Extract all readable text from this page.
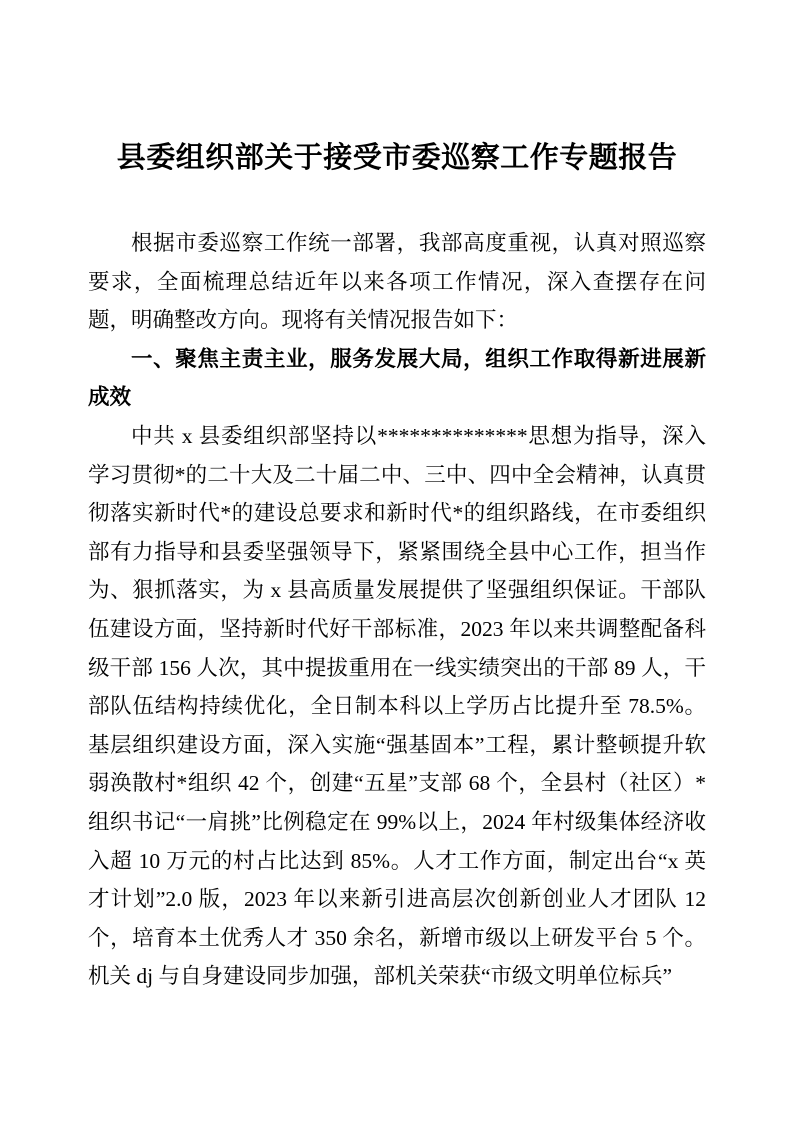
县委组织部关于接受市委巡察工作专题报告

根据市委巡察工作统一部署，我部高度重视，认真对照巡察要求，全面梳理总结近年以来各项工作情况，深入查摆存在问题，明确整改方向。现将有关情况报告如下：

一、聚焦主责主业，服务发展大局，组织工作取得新进展新成效

中共 x 县委组织部坚持以**************思想为指导，深入学习贯彻*的二十大及二十届二中、三中、四中全会精神，认真贯彻落实新时代*的建设总要求和新时代*的组织路线，在市委组织部有力指导和县委坚强领导下，紧紧围绕全县中心工作，担当作为、狠抓落实，为 x 县高质量发展提供了坚强组织保证。干部队伍建设方面，坚持新时代好干部标准，2023 年以来共调整配备科级干部 156 人次，其中提拔重用在一线实绩突出的干部 89 人，干部队伍结构持续优化，全日制本科以上学历占比提升至 78.5%。基层组织建设方面，深入实施“强基固本”工程，累计整顿提升软弱涣散村*组织 42 个，创建“五星”支部 68 个，全县村（社区）*组织书记“一肩挑”比例稳定在 99%以上，2024 年村级集体经济收入超 10 万元的村占比达到 85%。人才工作方面，制定出台“x 英才计划”2.0 版，2023 年以来新引进高层次创新创业人才团队 12 个，培育本土优秀人才 350 余名，新增市级以上研发平台 5 个。机关 dj 与自身建设同步加强，部机关荣获“市级文明单位标兵”
